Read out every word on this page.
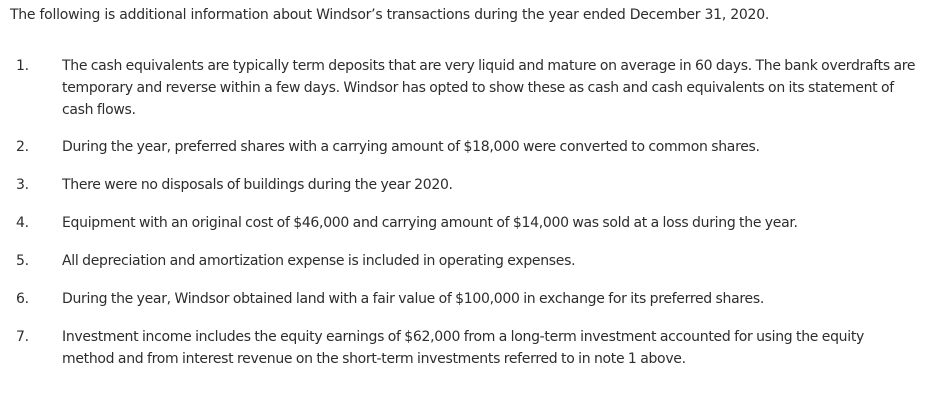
The following is additional information about Windsor’s transactions during the year ended December 31, 2020.
1. The cash equivalents are typically term deposits that are very liquid and mature on average in 60 days. The bank overdrafts are temporary and reverse within a few days. Windsor has opted to show these as cash and cash equivalents on its statement of cash flows.
2. During the year, preferred shares with a carrying amount of $18,000 were converted to common shares.
3. There were no disposals of buildings during the year 2020.
4. Equipment with an original cost of $46,000 and carrying amount of $14,000 was sold at a loss during the year.
5. All depreciation and amortization expense is included in operating expenses.
6. During the year, Windsor obtained land with a fair value of $100,000 in exchange for its preferred shares.
7. Investment income includes the equity earnings of $62,000 from a long-term investment accounted for using the equity method and from interest revenue on the short-term investments referred to in note 1 above.
